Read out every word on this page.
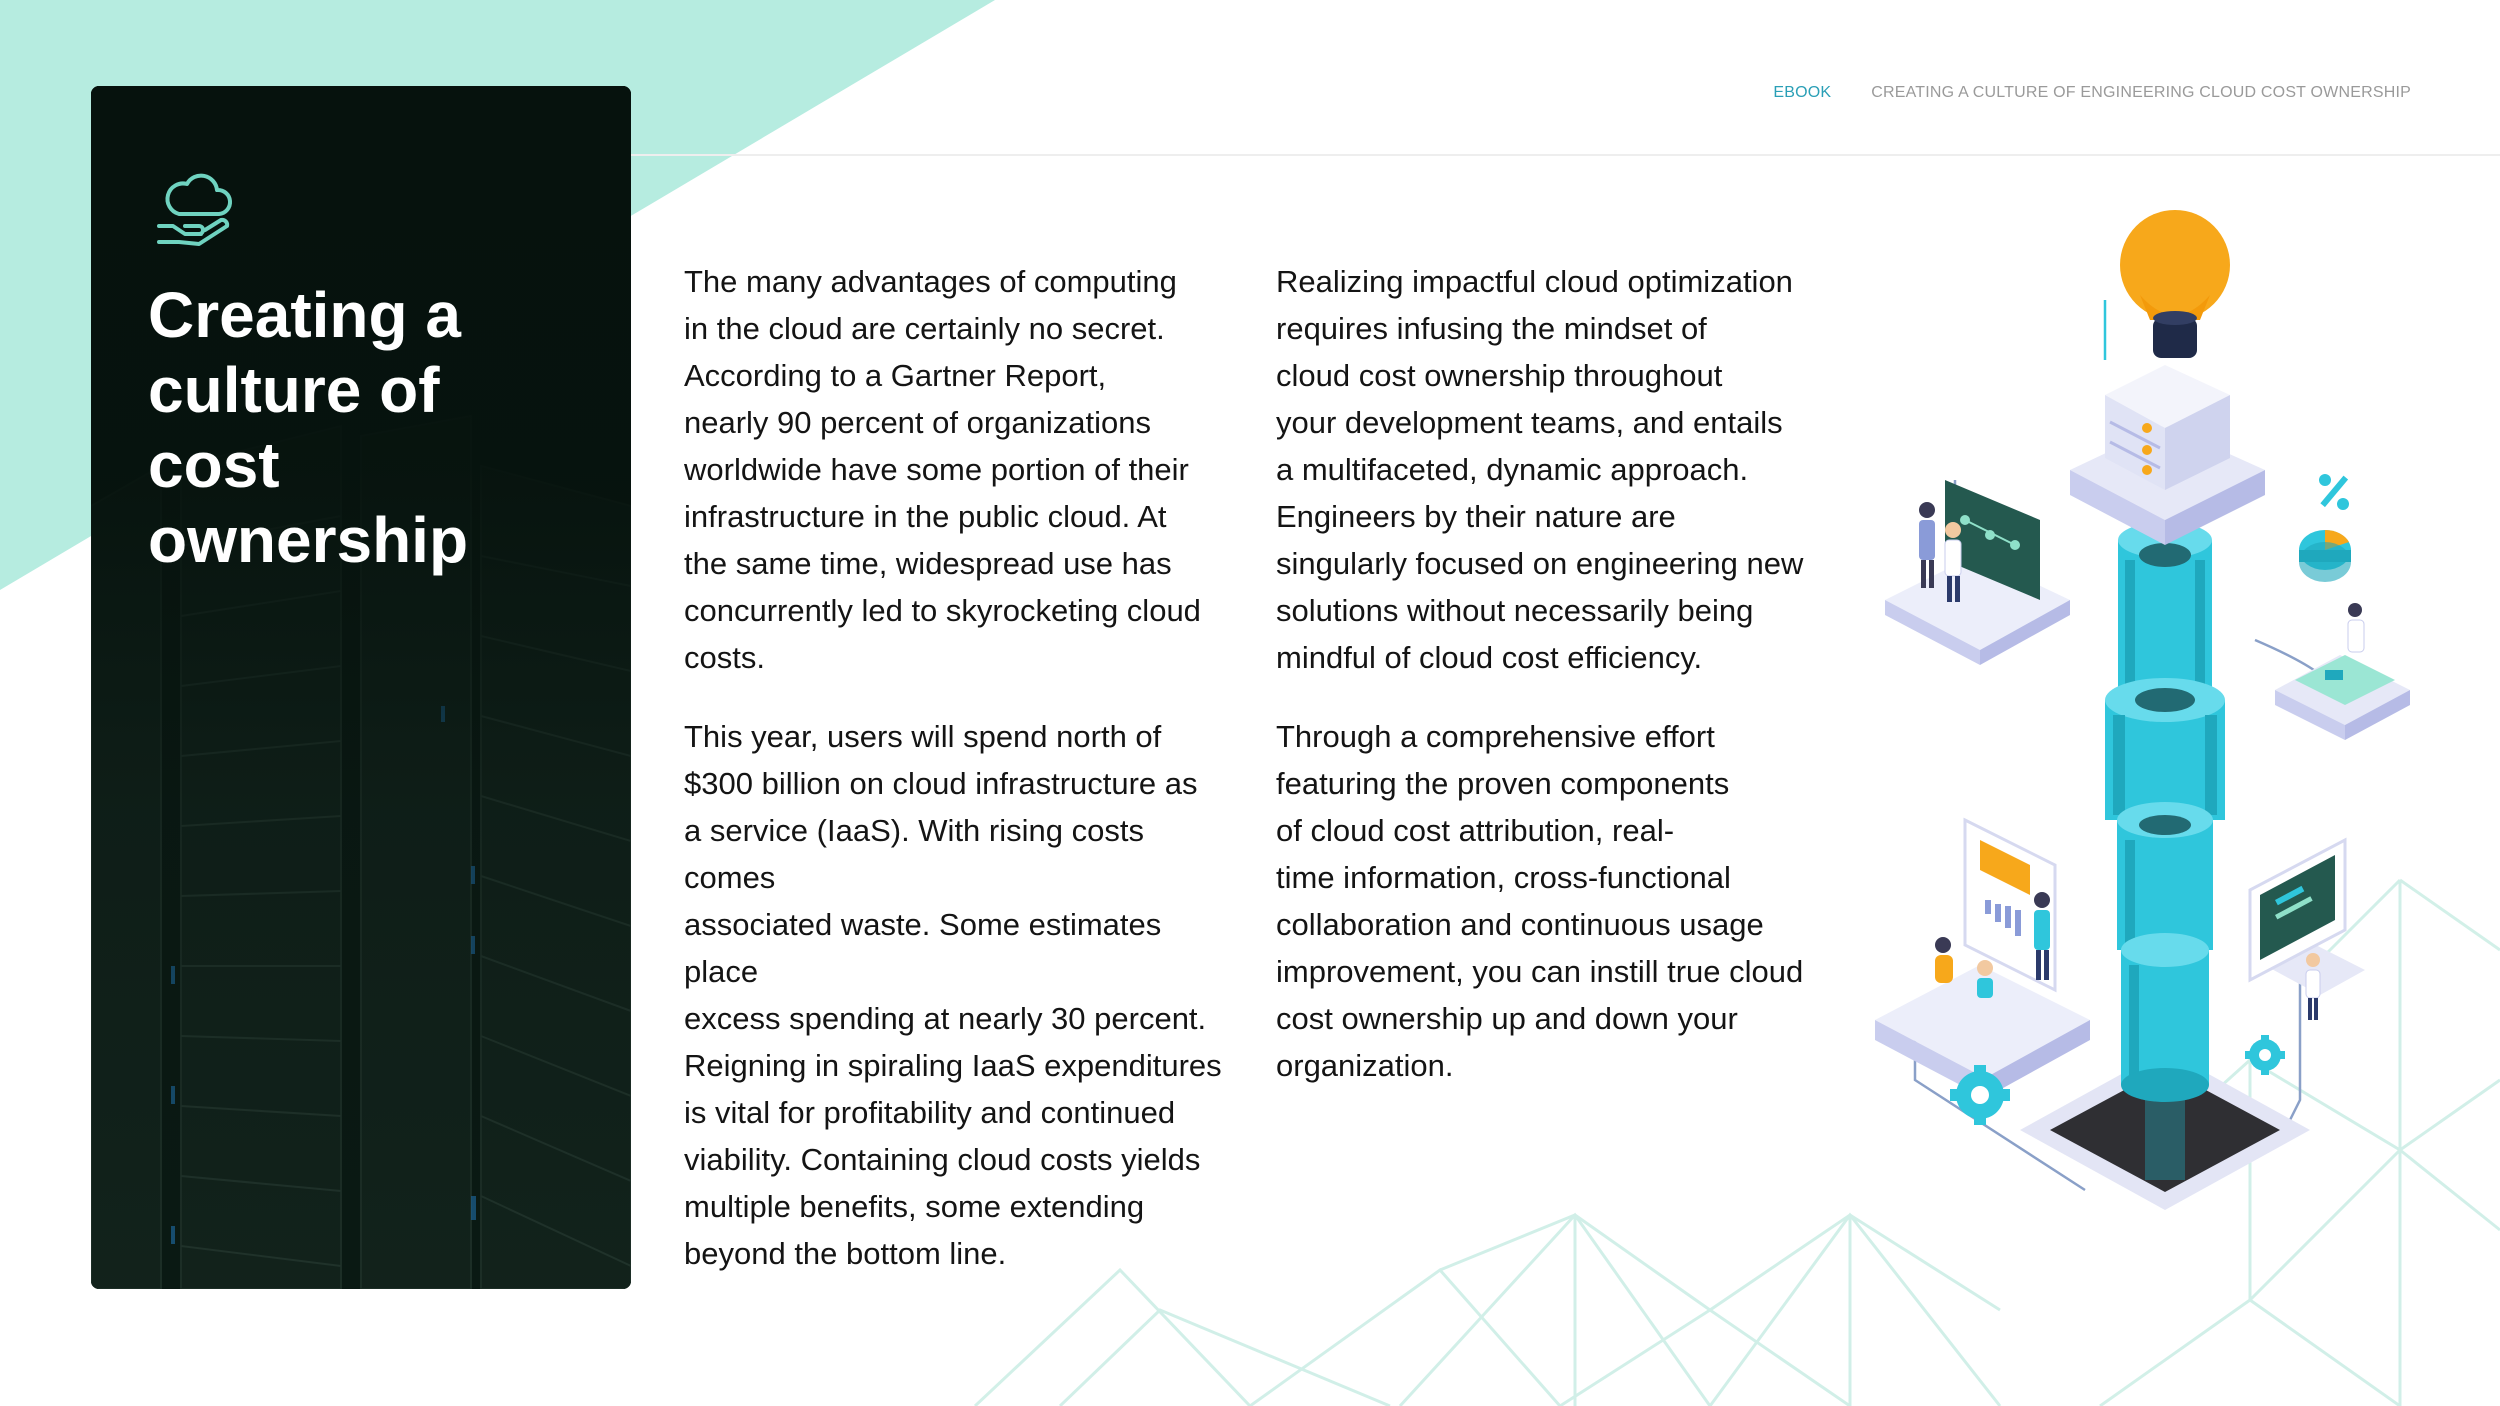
EBOOK	CREATING A CULTURE OF ENGINEERING CLOUD COST OWNERSHIP
Creating a culture of cost ownership

The many advantages of computing
in the cloud are certainly no secret.
According to a Gartner Report,
nearly 90 percent of organizations
worldwide have some portion of their
infrastructure in the public cloud. At
the same time, widespread use has
concurrently led to skyrocketing cloud
costs.

This year, users will spend north of
$300 billion on cloud infrastructure as
a service (IaaS). With rising costs comes
associated waste. Some estimates place
excess spending at nearly 30 percent.
Reigning in spiraling IaaS expenditures
is vital for profitability and continued
viability. Containing cloud costs yields
multiple benefits, some extending
beyond the bottom line.

Realizing impactful cloud optimization
requires infusing the mindset of
cloud cost ownership throughout
your development teams, and entails
a multifaceted, dynamic approach.
Engineers by their nature are
singularly focused on engineering new
solutions without necessarily being
mindful of cloud cost efficiency.

Through a comprehensive effort
featuring the proven components
of cloud cost attribution, real-
time information, cross-functional
collaboration and continuous usage
improvement, you can instill true cloud
cost ownership up and down your
organization.
